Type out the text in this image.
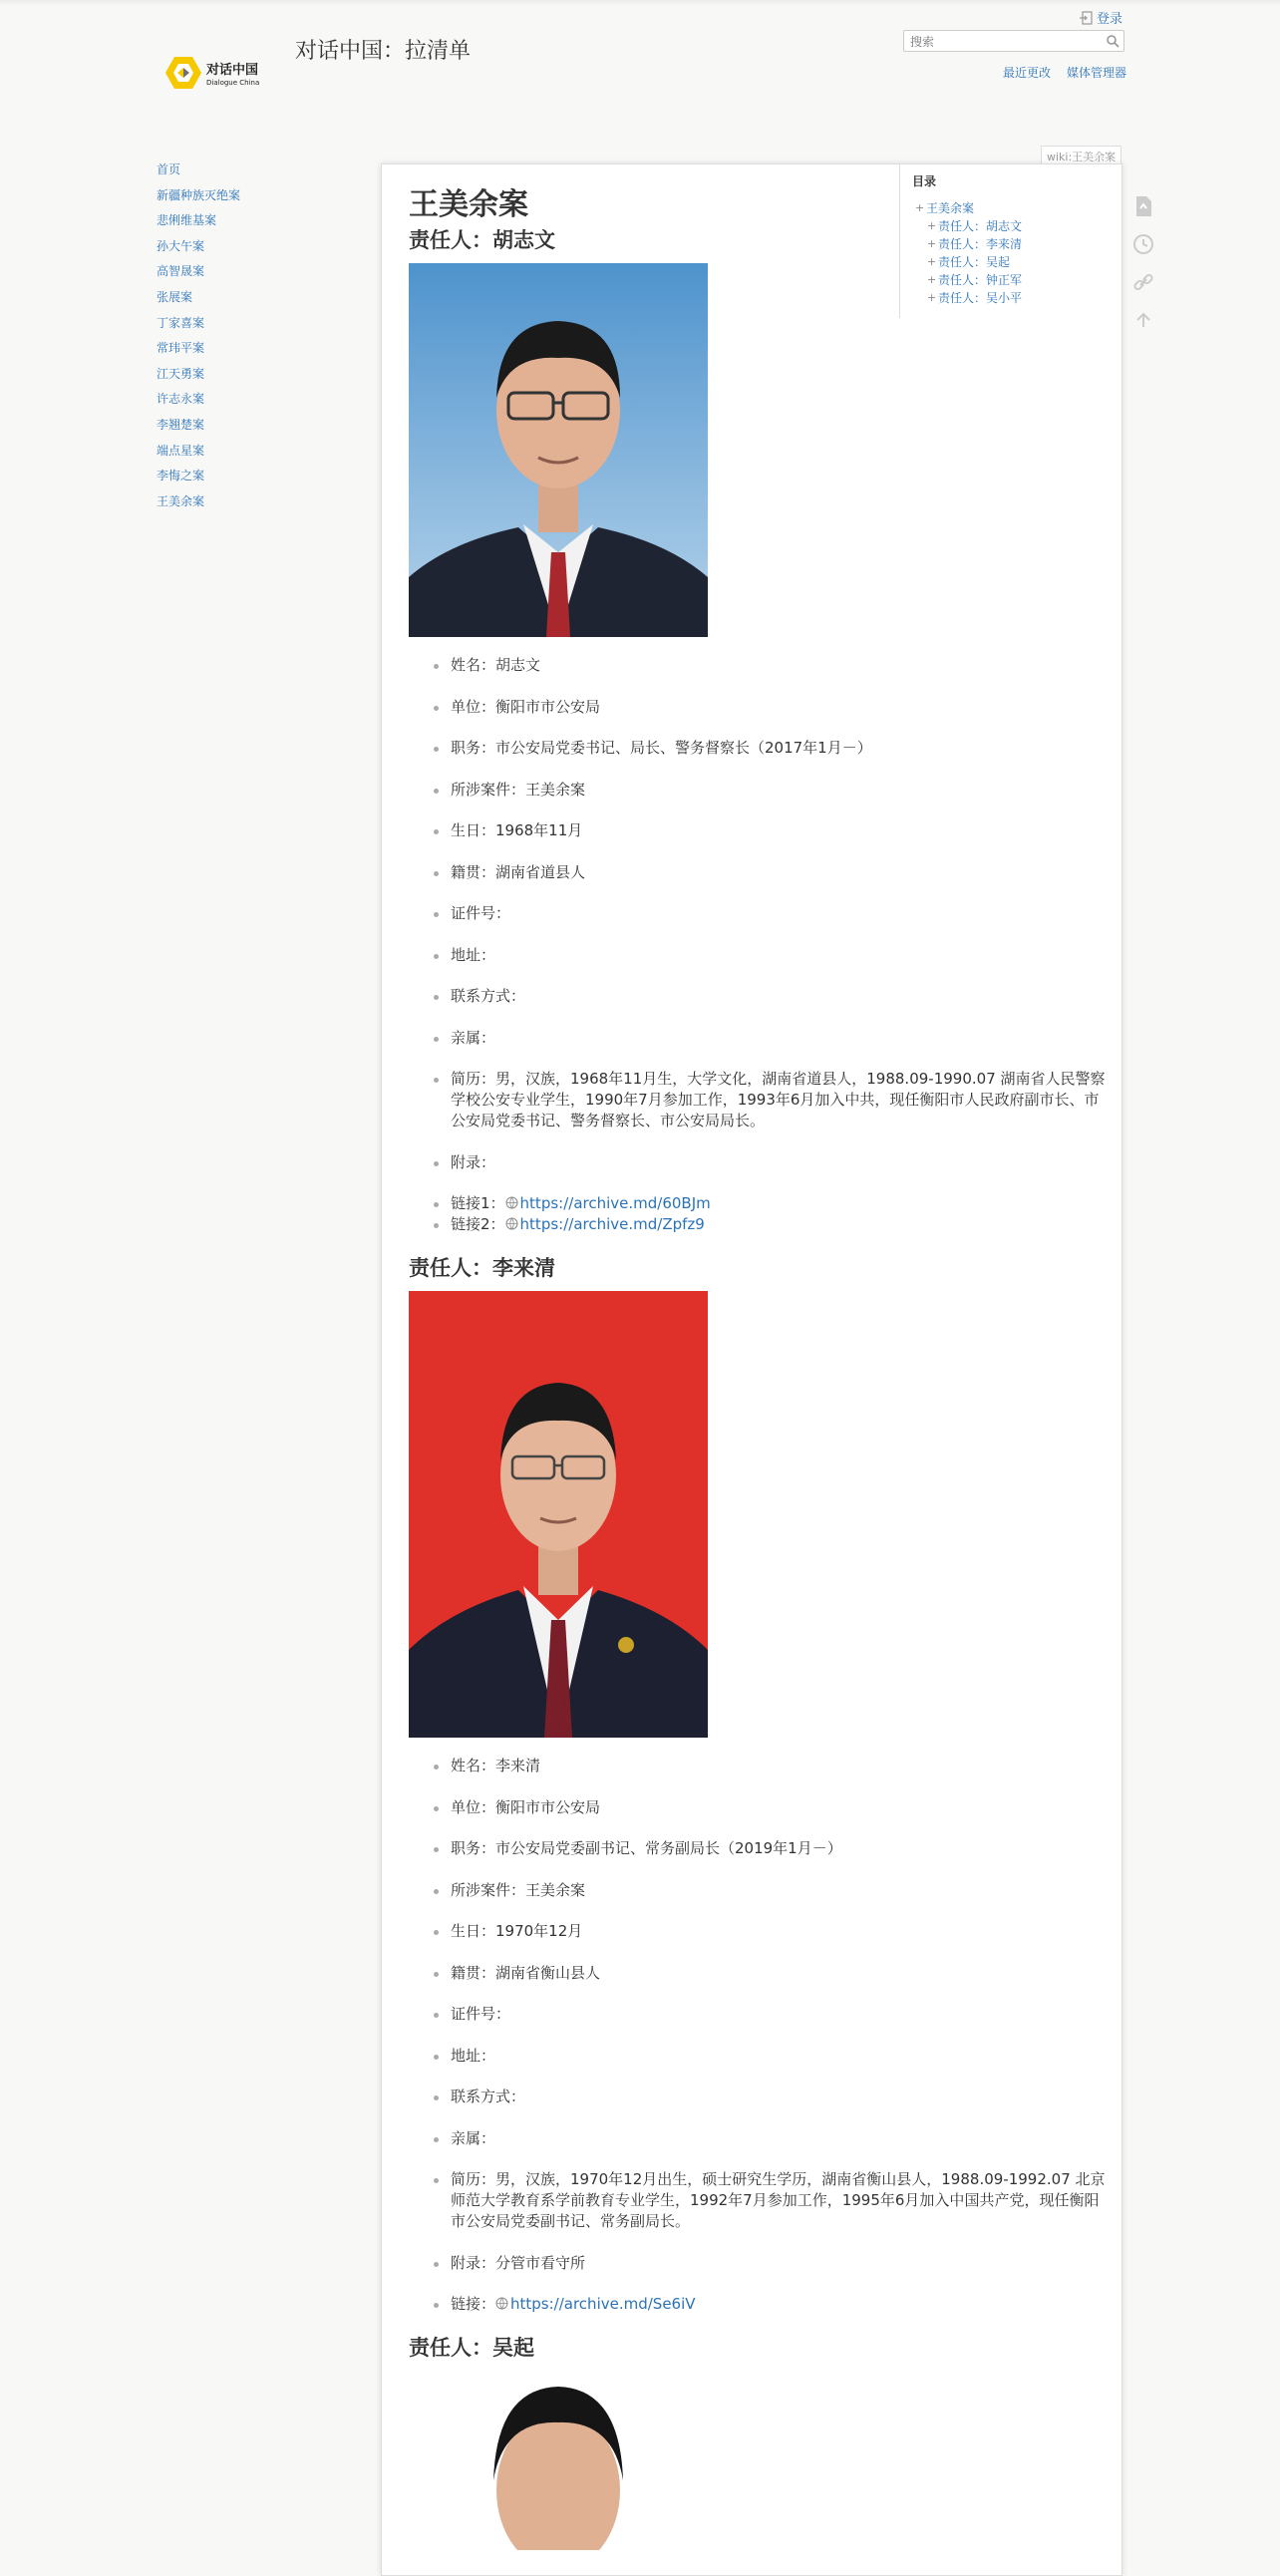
对话中国
Dialogue China
对话中国：拉清单
登录
搜索
最近更改 媒体管理器
首页
新疆种族灭绝案
悲俐维基案
孙大午案
高智晟案
张展案
丁家喜案
常玮平案
江天勇案
许志永案
李翘楚案
端点星案
李悔之案
王美余案
wiki:王美余案
目录
+ 王美余案
+ 责任人：胡志文
+ 责任人：李来清
+ 责任人：吴起
+ 责任人：钟正军
+ 责任人：吴小平
王美余案
责任人：胡志文
姓名：胡志文
单位：衡阳市市公安局
职务：市公安局党委书记、局长、警务督察长（2017年1月－）
所涉案件：王美余案
生日：1968年11月
籍贯：湖南省道县人
证件号：
地址：
联系方式：
亲属：
简历：男，汉族，1968年11月生，大学文化，湖南省道县人，1988.09-1990.07 湖南省人民警察学校公安专业学生，1990年7月参加工作，1993年6月加入中共，现任衡阳市人民政府副市长、市公安局党委书记、警务督察长、市公安局局长。
附录：
链接1： https://archive.md/60BJm
链接2： https://archive.md/Zpfz9
责任人：李来清
姓名：李来清
单位：衡阳市市公安局
职务：市公安局党委副书记、常务副局长（2019年1月－）
所涉案件：王美余案
生日：1970年12月
籍贯：湖南省衡山县人
证件号：
地址：
联系方式：
亲属：
简历：男，汉族，1970年12月出生，硕士研究生学历，湖南省衡山县人，1988.09-1992.07 北京师范大学教育系学前教育专业学生，1992年7月参加工作，1995年6月加入中国共产党，现任衡阳市公安局党委副书记、常务副局长。
附录：分管市看守所
链接： https://archive.md/Se6iV
责任人：吴起
